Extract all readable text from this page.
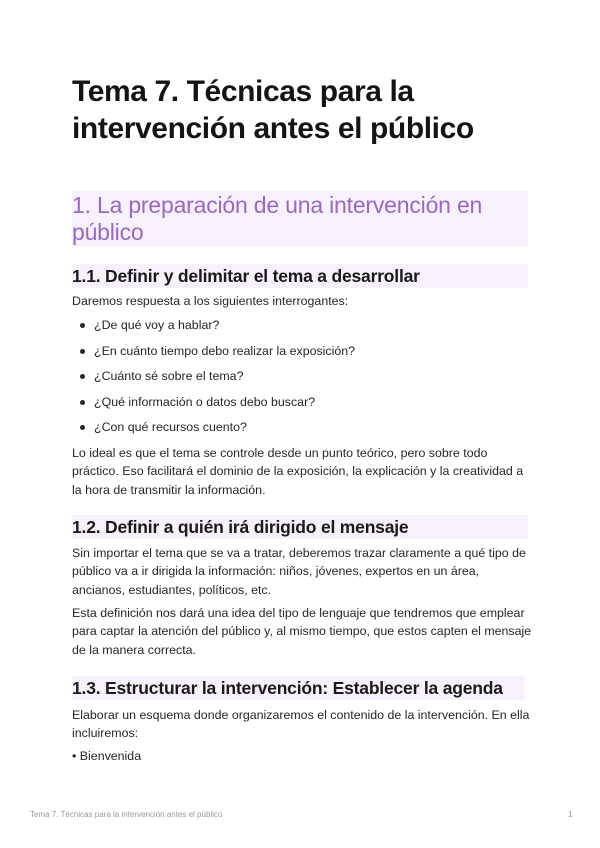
Tema 7. Técnicas para la intervención antes el público
1. La preparación de una intervención en público
1.1. Definir y delimitar el tema a desarrollar

Daremos respuesta a los siguientes interrogantes:

¿De qué voy a hablar?
¿En cuánto tiempo debo realizar la exposición?
¿Cuánto sé sobre el tema?
¿Qué información o datos debo buscar?
¿Con qué recursos cuento?

Lo ideal es que el tema se controle desde un punto teórico, pero sobre todo práctico. Eso facilitará el dominio de la exposición, la explicación y la creatividad a la hora de transmitir la información.

1.2. Definir a quién irá dirigido el mensaje

Sin importar el tema que se va a tratar, deberemos trazar claramente a qué tipo de público va a ir dirigida la información: niños, jóvenes, expertos en un área, ancianos, estudiantes, políticos, etc.

Esta definición nos dará una idea del tipo de lenguaje que tendremos que emplear para captar la atención del público y, al mismo tiempo, que estos capten el mensaje de la manera correcta.

1.3. Estructurar la intervención: Establecer la agenda

Elaborar un esquema donde organizaremos el contenido de la intervención. En ella incluiremos:

• Bienvenida

Tema 7. Técnicas para la intervención antes el público	1
